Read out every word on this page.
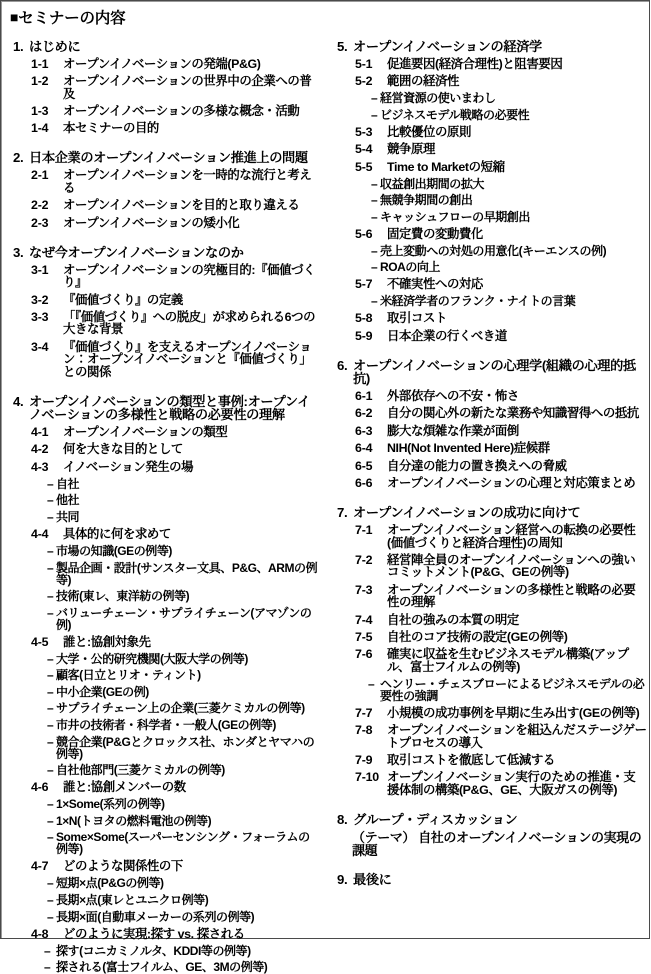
■セミナーの内容
1. はじめに
1-1	オープンイノベーションの発端(P&G)
1-2	オープンイノベーションの世界中の企業への普及
1-3	オープンイノベーションの多様な概念・活動
1-4	本セミナーの目的
2. 日本企業のオープンイノベーション推進上の問題
2-1	オープンイノベーションを一時的な流行と考える
2-2	オープンイノベーションを目的と取り違える
2-3	オープンイノベーションの矮小化
3. なぜ今オープンイノベーションなのか
3-1	オープンイノベーションの究極目的:『価値づくり』
3-2	『価値づくり』の定義
3-3	「『価値づくり』への脱皮」が求められる6つの大きな背景
3-4	『価値づくり』を支えるオープンイノベーション：オープンイノベーションと『価値づくり」との関係
4. オープンイノベーションの類型と事例:オープンイノベーションの多様性と戦略の必要性の理解
4-1	オープンイノベーションの類型
4-2	何を大きな目的として
4-3	イノベーション発生の場
– 自社
– 他社
– 共同
4-4	具体的に何を求めて
– 市場の知識(GEの例等)
– 製品企画・設計(サンスター文具、P&G、ARMの例等)
– 技術(東レ、東洋紡の例等)
– バリューチェーン・サプライチェーン(アマゾンの例)
4-5	誰と:協創対象先
– 大学・公的研究機関(大阪大学の例等)
– 顧客(日立とリオ・ティント)
– 中小企業(GEの例)
– サプライチェーン上の企業(三菱ケミカルの例等)
– 市井の技術者・科学者・一般人(GEの例等)
– 競合企業(P&Gとクロックス社、ホンダとヤマハの例等)
– 自社他部門(三菱ケミカルの例等)
4-6	誰と:協創メンバーの数
– 1×Some(系列の例等)
– 1×N(トヨタの燃料電池の例等)
– Some×Some(スーパーセンシング・フォーラムの例等)
4-7	どのような関係性の下
– 短期×点(P&Gの例等)
– 長期×点(東レとユニクロ例等)
– 長期×面(自動車メーカーの系列の例等)
4-8	どのように実現:探す vs. 探される
– 探す(コニカミノルタ、KDDI等の例等)
– 探される(富士フイルム、GE、3Mの例等)
5. オープンイノベーションの経済学
5-1	促進要因(経済合理性)と阻害要因
5-2	範囲の経済性
– 経営資源の使いまわし
– ビジネスモデル戦略の必要性
5-3	比較優位の原則
5-4	競争原理
5-5	Time to Marketの短縮
– 収益創出期間の拡大
– 無競争期間の創出
– キャッシュフローの早期創出
5-6	固定費の変動費化
– 売上変動への対処の用意化(キーエンスの例)
– ROAの向上
5-7	不確実性への対応
– 米経済学者のフランク・ナイトの言葉
5-8	取引コスト
5-9	日本企業の行くべき道
6. オープンイノベーションの心理学(組織の心理的抵抗)
6-1	外部依存への不安・怖さ
6-2	自分の関心外の新たな業務や知識習得への抵抗
6-3	膨大な煩雑な作業が面倒
6-4	NIH(Not Invented Here)症候群
6-5	自分達の能力の置き換えへの脅威
6-6	オープンイノベーションの心理と対応策まとめ
7. オープンイノベーションの成功に向けて
7-1	オープンイノベーション経営への転換の必要性(価値づくりと経済合理性)の周知
7-2	経営陣全員のオープンイノベーションへの強いコミットメント(P&G、GEの例等)
7-3	オープンイノベーションの多様性と戦略の必要性の理解
7-4	自社の強みの本質の明定
7-5	自社のコア技術の設定(GEの例等)
7-6	確実に収益を生むビジネスモデル構築(アップル、富士フイルムの例等)
– ヘンリー・チェスブローによるビジネスモデルの必要性の強調
7-7	小規模の成功事例を早期に生み出す(GEの例等)
7-8	オープンイノベーションを組込んだステージゲートプロセスの導入
7-9	取引コストを徹底して低減する
7-10 オープンイノベーション実行のための推進・支援体制の構築(P&G、GE、大阪ガスの例等)
8. グループ・ディスカッション
（テーマ） 自社のオープンイノベーションの実現の課題
9. 最後に
